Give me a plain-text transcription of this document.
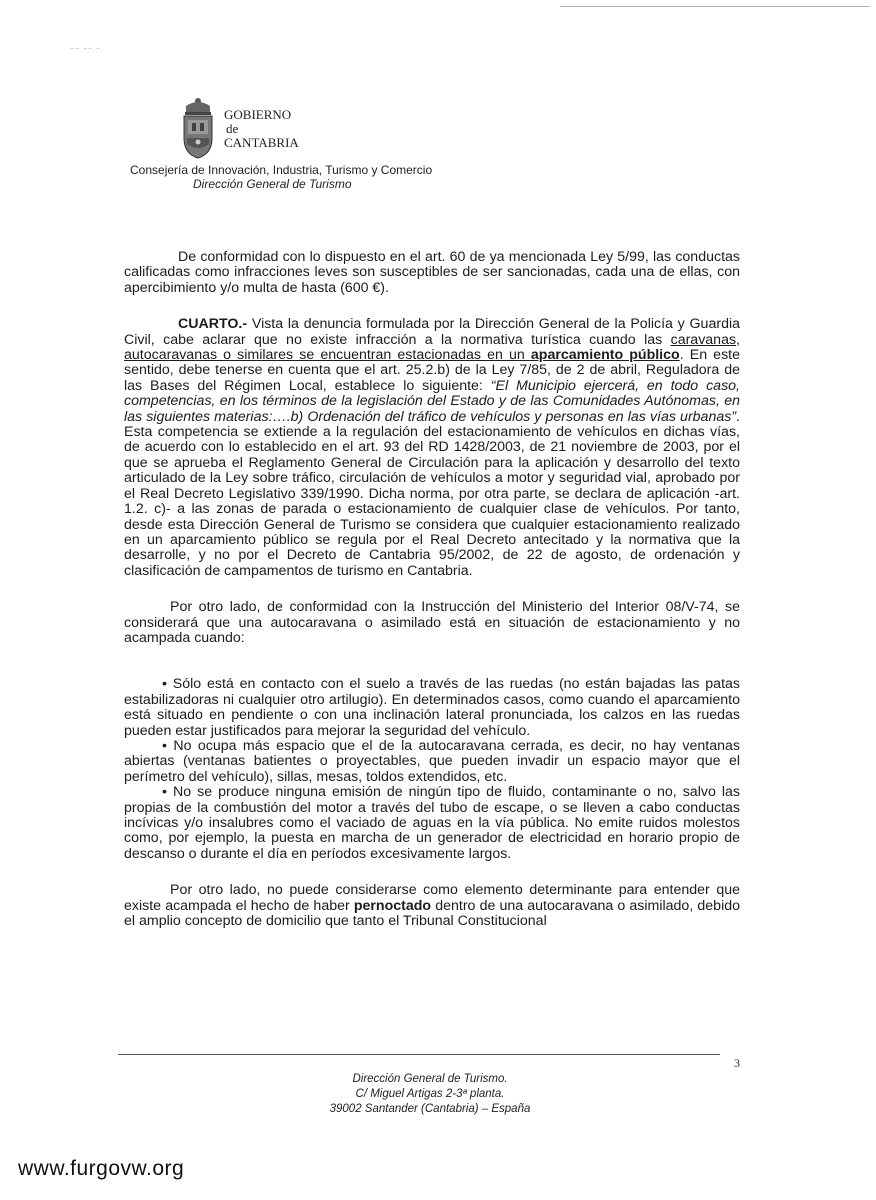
~~ ~~ ~
GOBIERNO
de
CANTABRIA
Consejería de Innovación, Industria, Turismo y Comercio
Dirección General de Turismo

De conformidad con lo dispuesto en el art. 60 de ya mencionada Ley 5/99, las conductas calificadas como infracciones leves son susceptibles de ser sancionadas, cada una de ellas, con apercibimiento y/o multa de hasta (600 €).

CUARTO.- Vista la denuncia formulada por la Dirección General de la Policía y Guardia Civil, cabe aclarar que no existe infracción a la normativa turística cuando las caravanas, autocaravanas o similares se encuentran estacionadas en un aparcamiento público. En este sentido, debe tenerse en cuenta que el art. 25.2.b) de la Ley 7/85, de 2 de abril, Reguladora de las Bases del Régimen Local, establece lo siguiente: “El Municipio ejercerá, en todo caso, competencias, en los términos de la legislación del Estado y de las Comunidades Autónomas, en las siguientes materias:….b) Ordenación del tráfico de vehículos y personas en las vías urbanas”. Esta competencia se extiende a la regulación del estacionamiento de vehículos en dichas vías, de acuerdo con lo establecido en el art. 93 del RD 1428/2003, de 21 noviembre de 2003, por el que se aprueba el Reglamento General de Circulación para la aplicación y desarrollo del texto articulado de la Ley sobre tráfico, circulación de vehículos a motor y seguridad vial, aprobado por el Real Decreto Legislativo 339/1990. Dicha norma, por otra parte, se declara de aplicación -art. 1.2. c)- a las zonas de parada o estacionamiento de cualquier clase de vehículos. Por tanto, desde esta Dirección General de Turismo se considera que cualquier estacionamiento realizado en un aparcamiento público se regula por el Real Decreto antecitado y la normativa que la desarrolle, y no por el Decreto de Cantabria 95/2002, de 22 de agosto, de ordenación y clasificación de campamentos de turismo en Cantabria.

Por otro lado, de conformidad con la Instrucción del Ministerio del Interior 08/V-74, se considerará que una autocaravana o asimilado está en situación de estacionamiento y no acampada cuando:

• Sólo está en contacto con el suelo a través de las ruedas (no están bajadas las patas estabilizadoras ni cualquier otro artilugio). En determinados casos, como cuando el aparcamiento está situado en pendiente o con una inclinación lateral pronunciada, los calzos en las ruedas pueden estar justificados para mejorar la seguridad del vehículo.

• No ocupa más espacio que el de la autocaravana cerrada, es decir, no hay ventanas abiertas (ventanas batientes o proyectables, que pueden invadir un espacio mayor que el perímetro del vehículo), sillas, mesas, toldos extendidos, etc.

• No se produce ninguna emisión de ningún tipo de fluido, contaminante o no, salvo las propias de la combustión del motor a través del tubo de escape, o se lleven a cabo conductas incívicas y/o insalubres como el vaciado de aguas en la vía pública. No emite ruidos molestos como, por ejemplo, la puesta en marcha de un generador de electricidad en horario propio de descanso o durante el día en períodos excesivamente largos.

Por otro lado, no puede considerarse como elemento determinante para entender que existe acampada el hecho de haber pernoctado dentro de una autocaravana o asimilado, debido el amplio concepto de domicilio que tanto el Tribunal Constitucional

3
Dirección General de Turismo.
C/ Miguel Artigas 2-3ª planta.
39002 Santander (Cantabria) – España
www.furgovw.org
